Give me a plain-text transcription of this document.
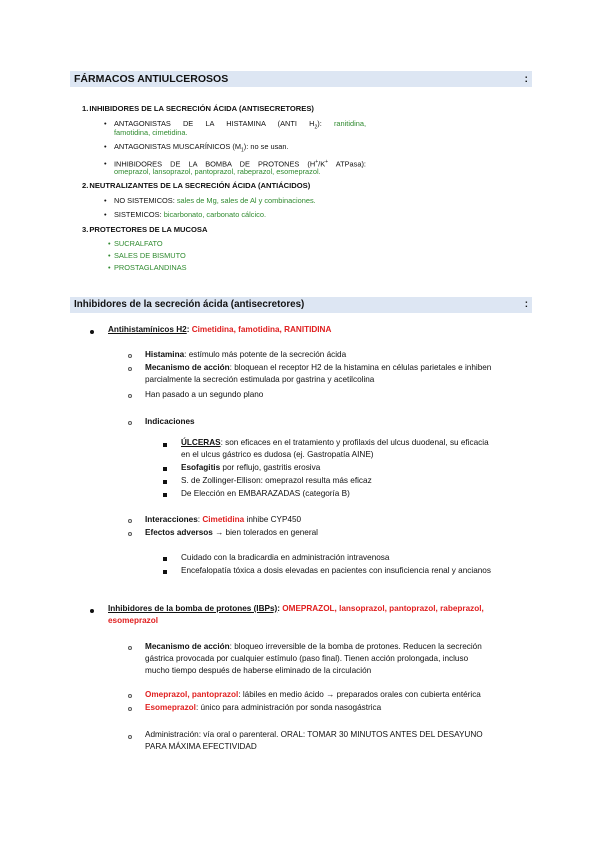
FÁRMACOS ANTIULCEROSOS	:
1.INHIBIDORES DE LA SECRECIÓN ÁCIDA (ANTISECRETORES)
• ANTAGONISTAS DE LA HISTAMINA (ANTI $H_2$): ranitidina,
famotidina, cimetidina.
• ANTAGONISTAS MUSCARÍNICOS $(M_1)$: no se usan.
• INHIBIDORES DE LA BOMBA DE PROTONES (H+/K+ ATPasa):
omeprazol, lansoprazol, pantoprazol, rabeprazol, esomeprazol.
2.NEUTRALIZANTES DE LA SECRECIÓN ÁCIDA (ANTIÁCIDOS)
• NO SISTEMICOS: sales de Mg, sales de Al y combinaciones.
• SISTEMICOS: bicarbonato, carbonato cálcico.
3.PROTECTORES DE LA MUCOSA
• SUCRALFATO
• SALES DE BISMUTO
• PROSTAGLANDINAS
Inhibidores de la secreción ácida (antisecretores)	:
Antihistamínicos H2: Cimetidina, famotidina, RANITIDINA
Histamina: estímulo más potente de la secreción ácida
Mecanismo de acción: bloquean el receptor H2 de la histamina en células parietales e inhiben
parcialmente la secreción estimulada por gastrina y acetilcolina
Han pasado a un segundo plano
Indicaciones
ÚLCERAS: son eficaces en el tratamiento y profilaxis del ulcus duodenal, su eficacia
en el ulcus gástrico es dudosa (ej. Gastropatía AINE)
Esofagitis por reflujo, gastritis erosiva
S. de Zollinger-Ellison: omeprazol resulta más eficaz
De Elección en EMBARAZADAS (categoría B)
Interacciones: Cimetidina inhibe CYP450
Efectos adversos → bien tolerados en general
Cuidado con la bradicardia en administración intravenosa
Encefalopatía tóxica a dosis elevadas en pacientes con insuficiencia renal y ancianos
Inhibidores de la bomba de protones (IBPs): OMEPRAZOL, lansoprazol, pantoprazol, rabeprazol,
esomeprazol
Mecanismo de acción: bloqueo irreversible de la bomba de protones. Reducen la secreción
gástrica provocada por cualquier estímulo (paso final). Tienen acción prolongada, incluso
mucho tiempo después de haberse eliminado de la circulación
Omeprazol, pantoprazol: lábiles en medio ácido → preparados orales con cubierta entérica
Esomeprazol: único para administración por sonda nasogástrica
Administración: vía oral o parenteral. ORAL: TOMAR 30 MINUTOS ANTES DEL DESAYUNO
PARA MÁXIMA EFECTIVIDAD
